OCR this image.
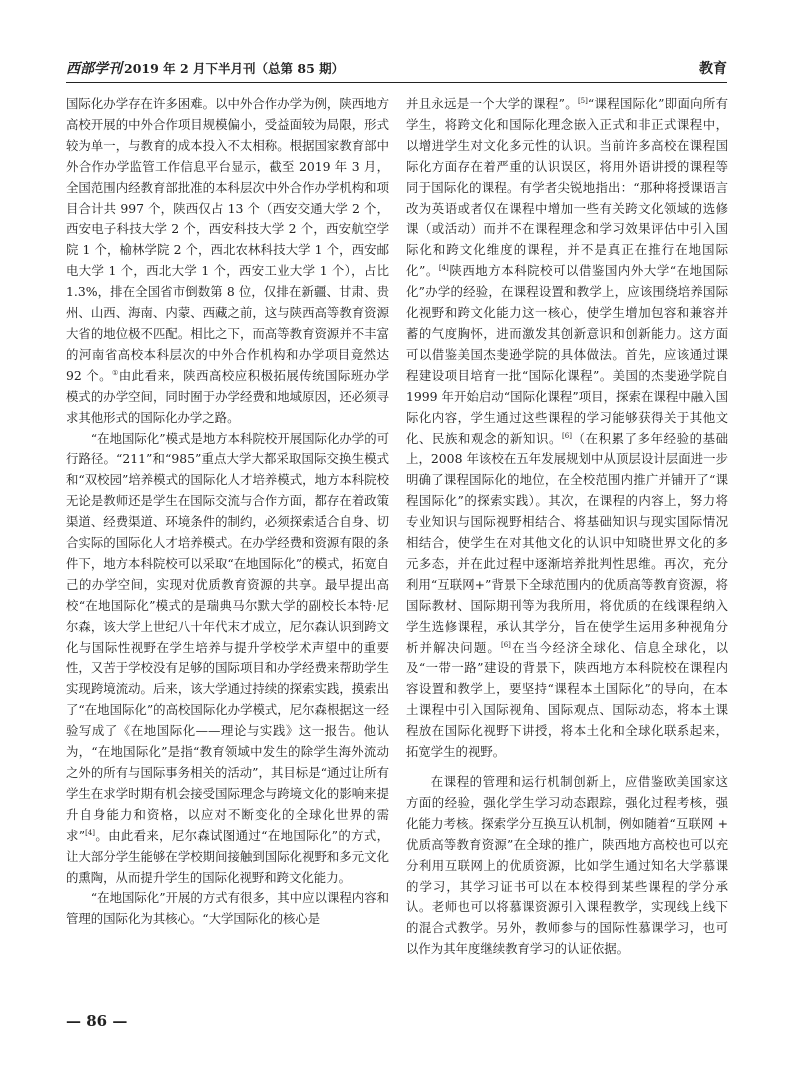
西部学刊 2019 年 2 月下半月刊（总第 85 期）	教育

国际化办学存在许多困难。以中外合作办学为例，陕西地方高校开展的中外合作项目规模偏小，受益面较为局限，形式较为单一，与教育的成本投入不太相称。根据国家教育部中外合作办学监管工作信息平台显示，截至 2019 年 3 月，全国范围内经教育部批准的本科层次中外合作办学机构和项目合计共 997 个，陕西仅占 13 个（西安交通大学 2 个，西安电子科技大学 2 个，西安科技大学 2 个，西安航空学院 1 个，榆林学院 2 个，西北农林科技大学 1 个，西安邮电大学 1 个，西北大学 1 个，西安工业大学 1 个），占比 1.3%，排在全国省市倒数第 8 位，仅排在新疆、甘肃、贵州、山西、海南、内蒙、西藏之前，这与陕西高等教育资源大省的地位极不匹配。相比之下，而高等教育资源并不丰富的河南省高校本科层次的中外合作机构和办学项目竟然达 92 个。①由此看来，陕西高校应积极拓展传统国际班办学模式的办学空间，同时囿于办学经费和地域原因，还必须寻求其他形式的国际化办学之路。

“在地国际化”模式是地方本科院校开展国际化办学的可行路径。“211”和“985”重点大学大都采取国际交换生模式和“双校园”培养模式的国际化人才培养模式，地方本科院校无论是教师还是学生在国际交流与合作方面，都存在着政策渠道、经费渠道、环境条件的制约，必须探索适合自身、切合实际的国际化人才培养模式。在办学经费和资源有限的条件下，地方本科院校可以采取“在地国际化”的模式，拓宽自己的办学空间，实现对优质教育资源的共享。最早提出高校“在地国际化”模式的是瑞典马尔默大学的副校长本特·尼尔森，该大学上世纪八十年代末才成立，尼尔森认识到跨文化与国际性视野在学生培养与提升学校学术声望中的重要性，又苦于学校没有足够的国际项目和办学经费来帮助学生实现跨境流动。后来，该大学通过持续的探索实践，摸索出了“在地国际化”的高校国际化办学模式，尼尔森根据这一经验写成了《在地国际化——理论与实践》这一报告。他认为，“在地国际化”是指“教育领域中发生的除学生海外流动之外的所有与国际事务相关的活动”，其目标是“通过让所有学生在求学时期有机会接受国际理念与跨境文化的影响来提升自身能力和资格，以应对不断变化的全球化世界的需求”[4]。由此看来，尼尔森试图通过“在地国际化”的方式，让大部分学生能够在学校期间接触到国际化视野和多元文化的熏陶，从而提升学生的国际化视野和跨文化能力。

“在地国际化”开展的方式有很多，其中应以课程内容和管理的国际化为其核心。“大学国际化的核心是

并且永远是一个大学的课程”。[5]“课程国际化”即面向所有学生，将跨文化和国际化理念嵌入正式和非正式课程中，以增进学生对文化多元性的认识。当前许多高校在课程国际化方面存在着严重的认识误区，将用外语讲授的课程等同于国际化的课程。有学者尖锐地指出：“那种将授课语言改为英语或者仅在课程中增加一些有关跨文化领域的选修课（或活动）而并不在课程理念和学习效果评估中引入国际化和跨文化维度的课程，并不是真正在推行在地国际化”。[4]陕西地方本科院校可以借鉴国内外大学“在地国际化”办学的经验，在课程设置和教学上，应该围绕培养国际化视野和跨文化能力这一核心，使学生增加包容和兼容并蓄的气度胸怀，进而激发其创新意识和创新能力。这方面可以借鉴美国杰斐逊学院的具体做法。首先，应该通过课程建设项目培育一批“国际化课程”。美国的杰斐逊学院自 1999 年开始启动“国际化课程”项目，探索在课程中融入国际化内容，学生通过这些课程的学习能够获得关于其他文化、民族和观念的新知识。[6]（在积累了多年经验的基础上，2008 年该校在五年发展规划中从顶层设计层面进一步明确了课程国际化的地位，在全校范围内推广并铺开了“课程国际化”的探索实践）。其次，在课程的内容上，努力将专业知识与国际视野相结合、将基础知识与现实国际情况相结合，使学生在对其他文化的认识中知晓世界文化的多元多态，并在此过程中逐渐培养批判性思维。再次，充分利用“互联网+”背景下全球范围内的优质高等教育资源，将国际教材、国际期刊等为我所用，将优质的在线课程纳入学生选修课程，承认其学分，旨在使学生运用多种视角分析并解决问题。[6]在当今经济全球化、信息全球化，以及“一带一路”建设的背景下，陕西地方本科院校在课程内容设置和教学上，要坚持“课程本土国际化”的导向，在本土课程中引入国际视角、国际观点、国际动态，将本土课程放在国际化视野下讲授，将本土化和全球化联系起来，拓宽学生的视野。

在课程的管理和运行机制创新上，应借鉴欧美国家这方面的经验，强化学生学习动态跟踪，强化过程考核，强化能力考核。探索学分互换互认机制，例如随着“互联网 + 优质高等教育资源”在全球的推广，陕西地方高校也可以充分利用互联网上的优质资源，比如学生通过知名大学慕课的学习，其学习证书可以在本校得到某些课程的学分承认。老师也可以将慕课资源引入课程教学，实现线上线下的混合式教学。另外，教师参与的国际性慕课学习，也可以作为其年度继续教育学习的认证依据。

— 86 —
